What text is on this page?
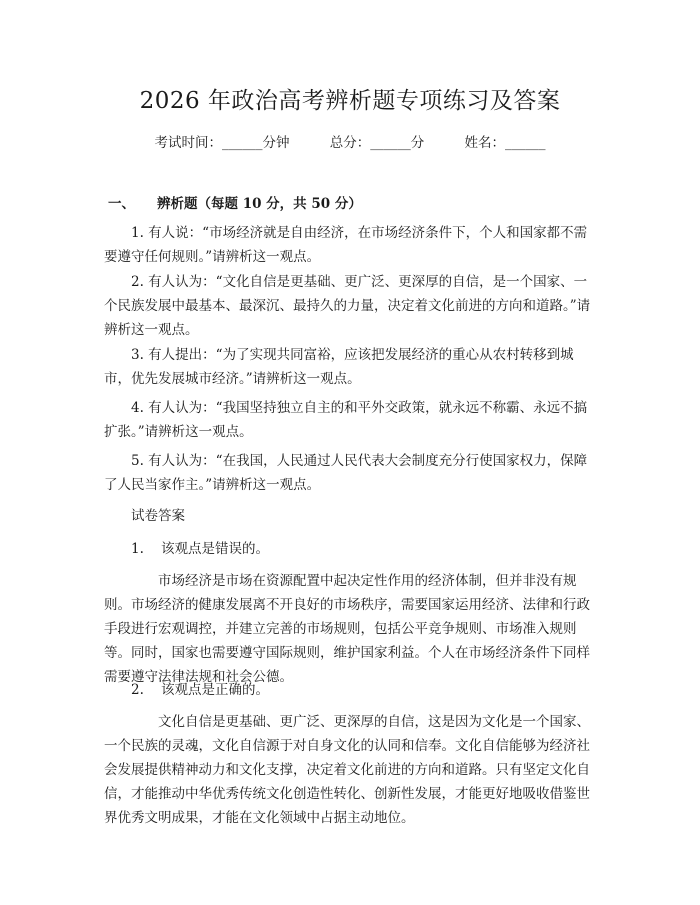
2026 年政治高考辨析题专项练习及答案
考试时间：______分钟	总分：______分	姓名：______
一、 辨析题（每题 10 分，共 50 分）

1. 有人说：“市场经济就是自由经济，在市场经济条件下，个人和国家都不需要遵守任何规则。”请辨析这一观点。

2. 有人认为：“文化自信是更基础、更广泛、更深厚的自信，是一个国家、一个民族发展中最基本、最深沉、最持久的力量，决定着文化前进的方向和道路。”请辨析这一观点。

3. 有人提出：“为了实现共同富裕，应该把发展经济的重心从农村转移到城市，优先发展城市经济。”请辨析这一观点。

4. 有人认为：“我国坚持独立自主的和平外交政策，就永远不称霸、永远不搞扩张。”请辨析这一观点。

5. 有人认为：“在我国，人民通过人民代表大会制度充分行使国家权力，保障了人民当家作主。”请辨析这一观点。

试卷答案

1. 该观点是错误的。

市场经济是市场在资源配置中起决定性作用的经济体制，但并非没有规则。市场经济的健康发展离不开良好的市场秩序，需要国家运用经济、法律和行政手段进行宏观调控，并建立完善的市场规则，包括公平竞争规则、市场准入规则等。同时，国家也需要遵守国际规则，维护国家利益。个人在市场经济条件下同样需要遵守法律法规和社会公德。

2. 该观点是正确的。

文化自信是更基础、更广泛、更深厚的自信，这是因为文化是一个国家、一个民族的灵魂，文化自信源于对自身文化的认同和信奉。文化自信能够为经济社会发展提供精神动力和文化支撑，决定着文化前进的方向和道路。只有坚定文化自信，才能推动中华优秀传统文化创造性转化、创新性发展，才能更好地吸收借鉴世界优秀文明成果，才能在文化领域中占据主动地位。
